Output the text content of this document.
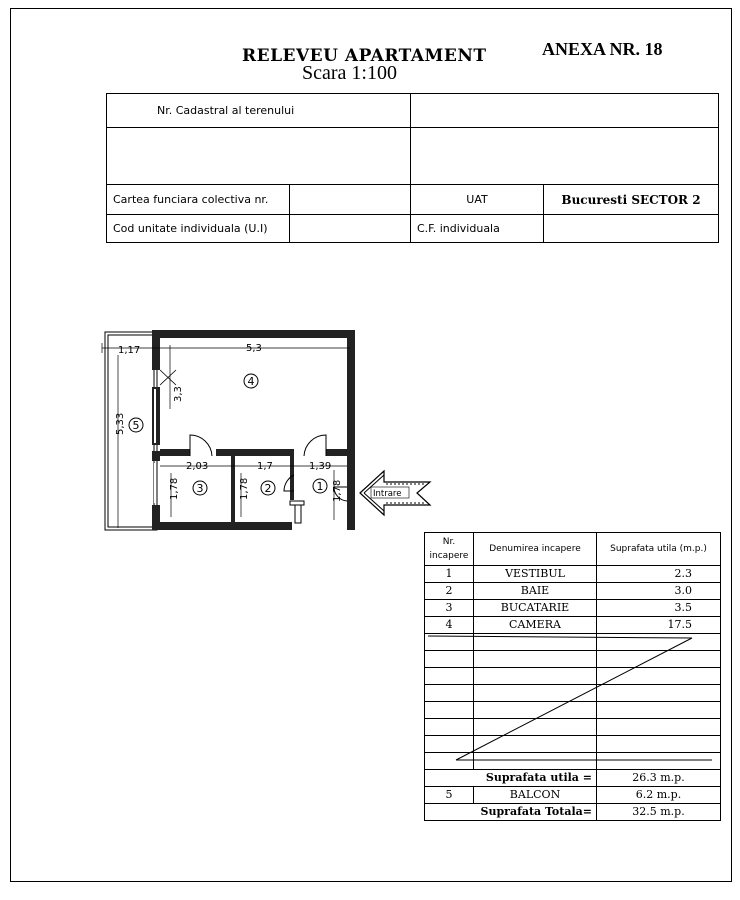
RELEVEU APARTAMENT
Scara 1:100
ANEXA NR. 18
Nr. Cadastral al terenului			

Cartea funciara colectiva nr.		UAT	Bucuresti SECTOR 2
Cod unitate individuala (U.I)		C.F. individuala	
1,17	5,3
3,3
5,33
2,03	1,7	1,39
1,78	1,78	1,78
4
5
3	2	1
Intrare
Nr. incapere	Denumirea incapere	Suprafata utila (m.p.)
1	VESTIBUL	2.3
2	BAIE	3.0
3	BUCATARIE	3.5
4	CAMERA	17.5

	Suprafata utila =	26.3 m.p.
5	BALCON	6.2 m.p.
	Suprafata Totala=	32.5 m.p.
